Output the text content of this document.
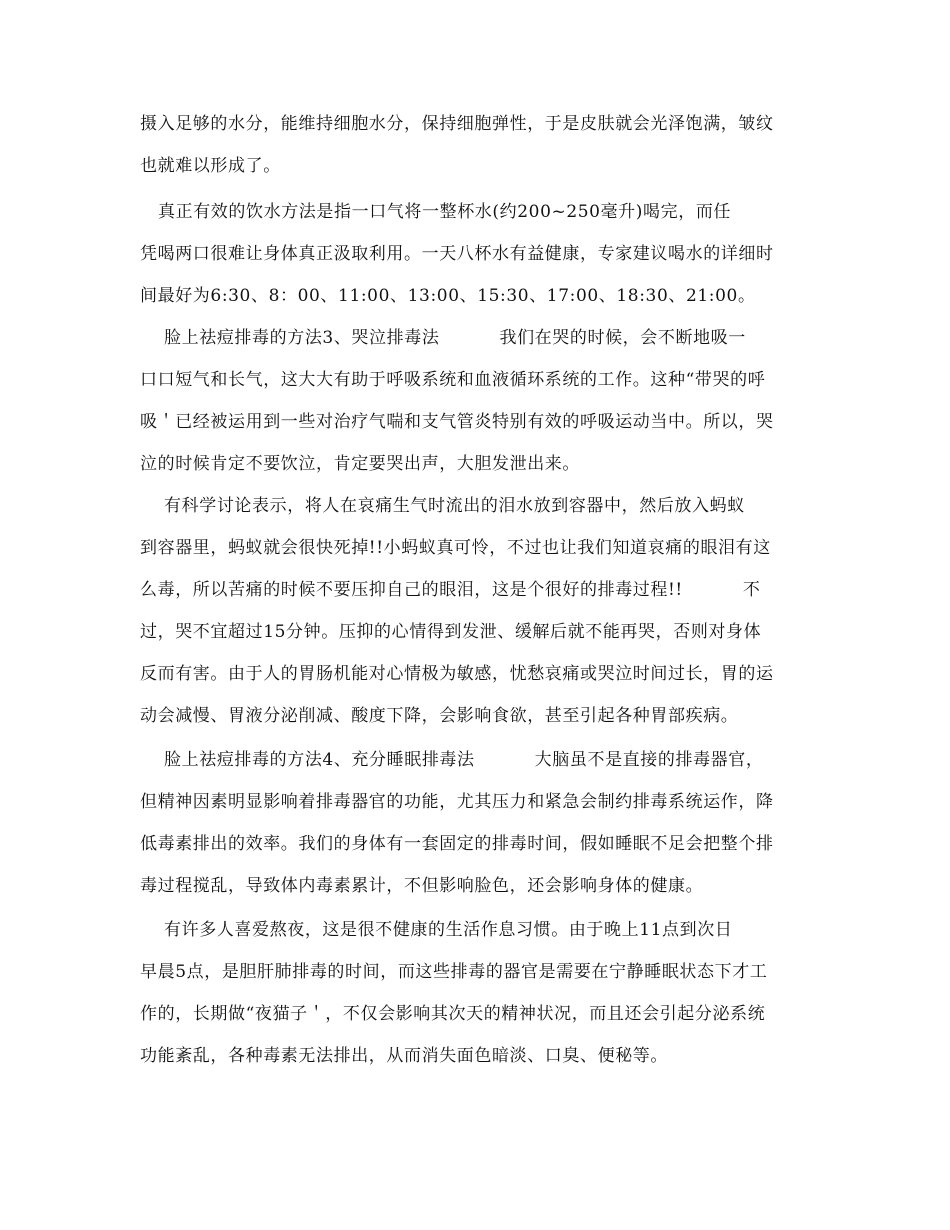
摄入足够的水分，能维持细胞水分，保持细胞弹性，于是皮肤就会光泽饱满，皱纹
也就难以形成了。
真正有效的饮水方法是指一口气将一整杯水(约200~250毫升)喝完，而任
凭喝两口很难让身体真正汲取利用。一天八杯水有益健康，专家建议喝水的详细时
间最好为6:30、8：00、11:00、13:00、15:30、17:00、18:30、21:00。
脸上祛痘排毒的方法3、哭泣排毒法          我们在哭的时候，会不断地吸一
口口短气和长气，这大大有助于呼吸系统和血液循环系统的工作。这种“带哭的呼
吸＇已经被运用到一些对治疗气喘和支气管炎特别有效的呼吸运动当中。所以，哭
泣的时候肯定不要饮泣，肯定要哭出声，大胆发泄出来。
有科学讨论表示，将人在哀痛生气时流出的泪水放到容器中，然后放入蚂蚁
到容器里，蚂蚁就会很快死掉!!小蚂蚁真可怜，不过也让我们知道哀痛的眼泪有这
么毒，所以苦痛的时候不要压抑自己的眼泪，这是个很好的排毒过程!!          不
过，哭不宜超过15分钟。压抑的心情得到发泄、缓解后就不能再哭，否则对身体
反而有害。由于人的胃肠机能对心情极为敏感，忧愁哀痛或哭泣时间过长，胃的运
动会减慢、胃液分泌削减、酸度下降，会影响食欲，甚至引起各种胃部疾病。
脸上祛痘排毒的方法4、充分睡眠排毒法          大脑虽不是直接的排毒器官，
但精神因素明显影响着排毒器官的功能，尤其压力和紧急会制约排毒系统运作，降
低毒素排出的效率。我们的身体有一套固定的排毒时间，假如睡眠不足会把整个排
毒过程搅乱，导致体内毒素累计，不但影响脸色，还会影响身体的健康。
有许多人喜爱熬夜，这是很不健康的生活作息习惯。由于晚上11点到次日
早晨5点，是胆肝肺排毒的时间，而这些排毒的器官是需要在宁静睡眠状态下才工
作的，长期做“夜猫子＇，不仅会影响其次天的精神状况，而且还会引起分泌系统
功能紊乱，各种毒素无法排出，从而消失面色暗淡、口臭、便秘等。
